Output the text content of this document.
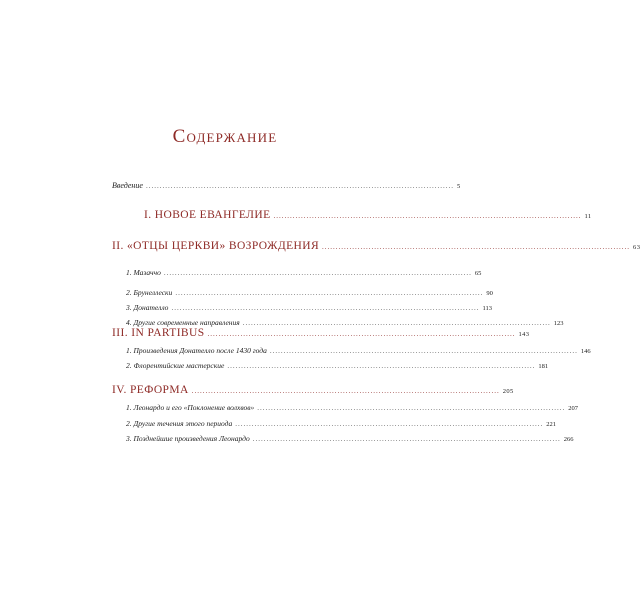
Содержание
Введение ................................................................................................................ 5
I. НОВОЕ ЕВАНГЕЛИЕ ................................................................................................................ 11
II. «ОТЦЫ ЦЕРКВИ» ВОЗРОЖДЕНИЯ ................................................................................................................ 63
1. Мазаччо ................................................................................................................ 65
2. Брунеллески ................................................................................................................ 90
3. Донателло ................................................................................................................ 113
4. Другие современные направления ................................................................................................................ 123
III. IN PARTIBUS ................................................................................................................ 143
1. Произведения Донателло после 1430 года ................................................................................................................ 146
2. Флорентийские мастерские ................................................................................................................ 181
IV. РЕФОРМА ................................................................................................................ 205
1. Леонардо и его «Поклонение волхвов» ................................................................................................................ 207
2. Другие течения этого периода ................................................................................................................ 221
3. Позднейшие произведения Леонардо ................................................................................................................ 266
